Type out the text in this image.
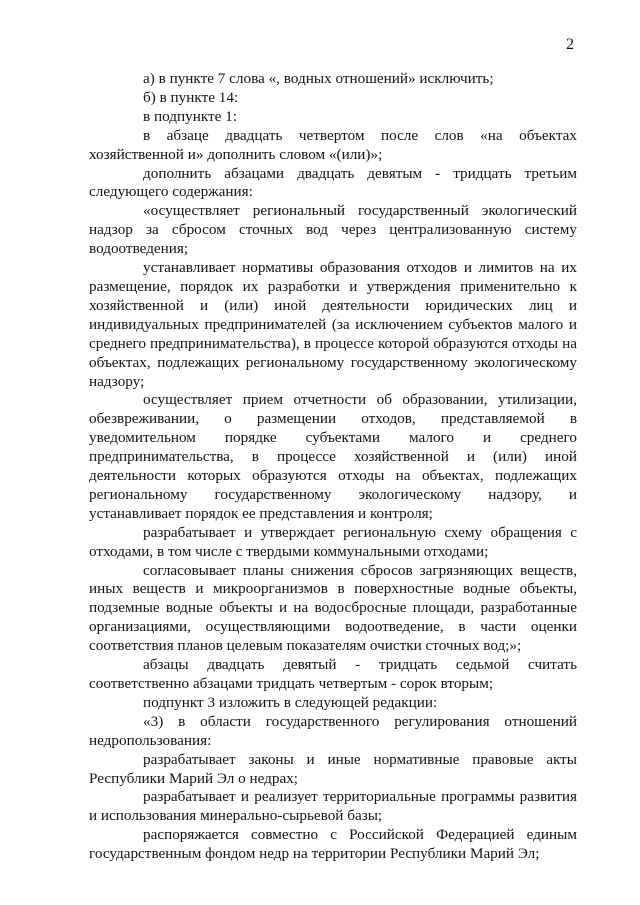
2

а) в пункте 7 слова «, водных отношений» исключить;

б) в пункте 14:

в подпункте 1:

в абзаце двадцать четвертом после слов «на объектах хозяйственной и» дополнить словом «(или)»;

дополнить абзацами двадцать девятым - тридцать третьим следующего содержания:

«осуществляет региональный государственный экологический надзор за сбросом сточных вод через централизованную систему водоотведения;

устанавливает нормативы образования отходов и лимитов на их размещение, порядок их разработки и утверждения применительно к хозяйственной и (или) иной деятельности юридических лиц и индивидуальных предпринимателей (за исключением субъектов малого и среднего предпринимательства), в процессе которой образуются отходы на объектах, подлежащих региональному государственному экологическому надзору;

осуществляет прием отчетности об образовании, утилизации, обезвреживании, о размещении отходов, представляемой в уведомительном порядке субъектами малого и среднего предпринимательства, в процессе хозяйственной и (или) иной деятельности которых образуются отходы на объектах, подлежащих региональному государственному экологическому надзору, и устанавливает порядок ее представления и контроля;

разрабатывает и утверждает региональную схему обращения с отходами, в том числе с твердыми коммунальными отходами;

согласовывает планы снижения сбросов загрязняющих веществ, иных веществ и микроорганизмов в поверхностные водные объекты, подземные водные объекты и на водосбросные площади, разработанные организациями, осуществляющими водоотведение, в части оценки соответствия планов целевым показателям очистки сточных вод;»;

абзацы двадцать девятый - тридцать седьмой считать соответственно абзацами тридцать четвертым - сорок вторым;

подпункт 3 изложить в следующей редакции:

«3) в области государственного регулирования отношений недропользования:

разрабатывает законы и иные нормативные правовые акты Республики Марий Эл о недрах;

разрабатывает и реализует территориальные программы развития и использования минерально-сырьевой базы;

распоряжается совместно с Российской Федерацией единым государственным фондом недр на территории Республики Марий Эл;
